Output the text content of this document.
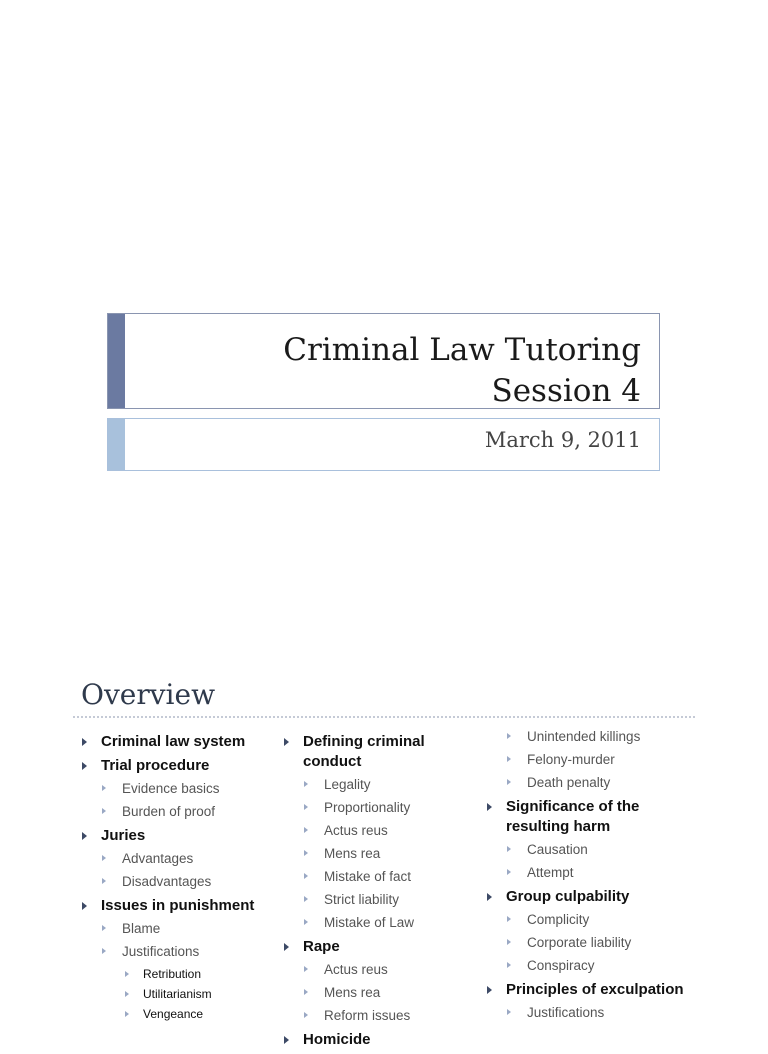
Criminal Law Tutoring
Session 4
March 9, 2011
Overview
Criminal law system
Trial procedure
Evidence basics
Burden of proof
Juries
Advantages
Disadvantages
Issues in punishment
Blame
Justifications
Retribution
Utilitarianism
Vengeance
Defining criminal conduct
Legality
Proportionality
Actus reus
Mens rea
Mistake of fact
Strict liability
Mistake of Law
Rape
Actus reus
Mens rea
Reform issues
Homicide
Unintended killings
Felony-murder
Death penalty
Significance of the resulting harm
Causation
Attempt
Group culpability
Complicity
Corporate liability
Conspiracy
Principles of exculpation
Justifications
